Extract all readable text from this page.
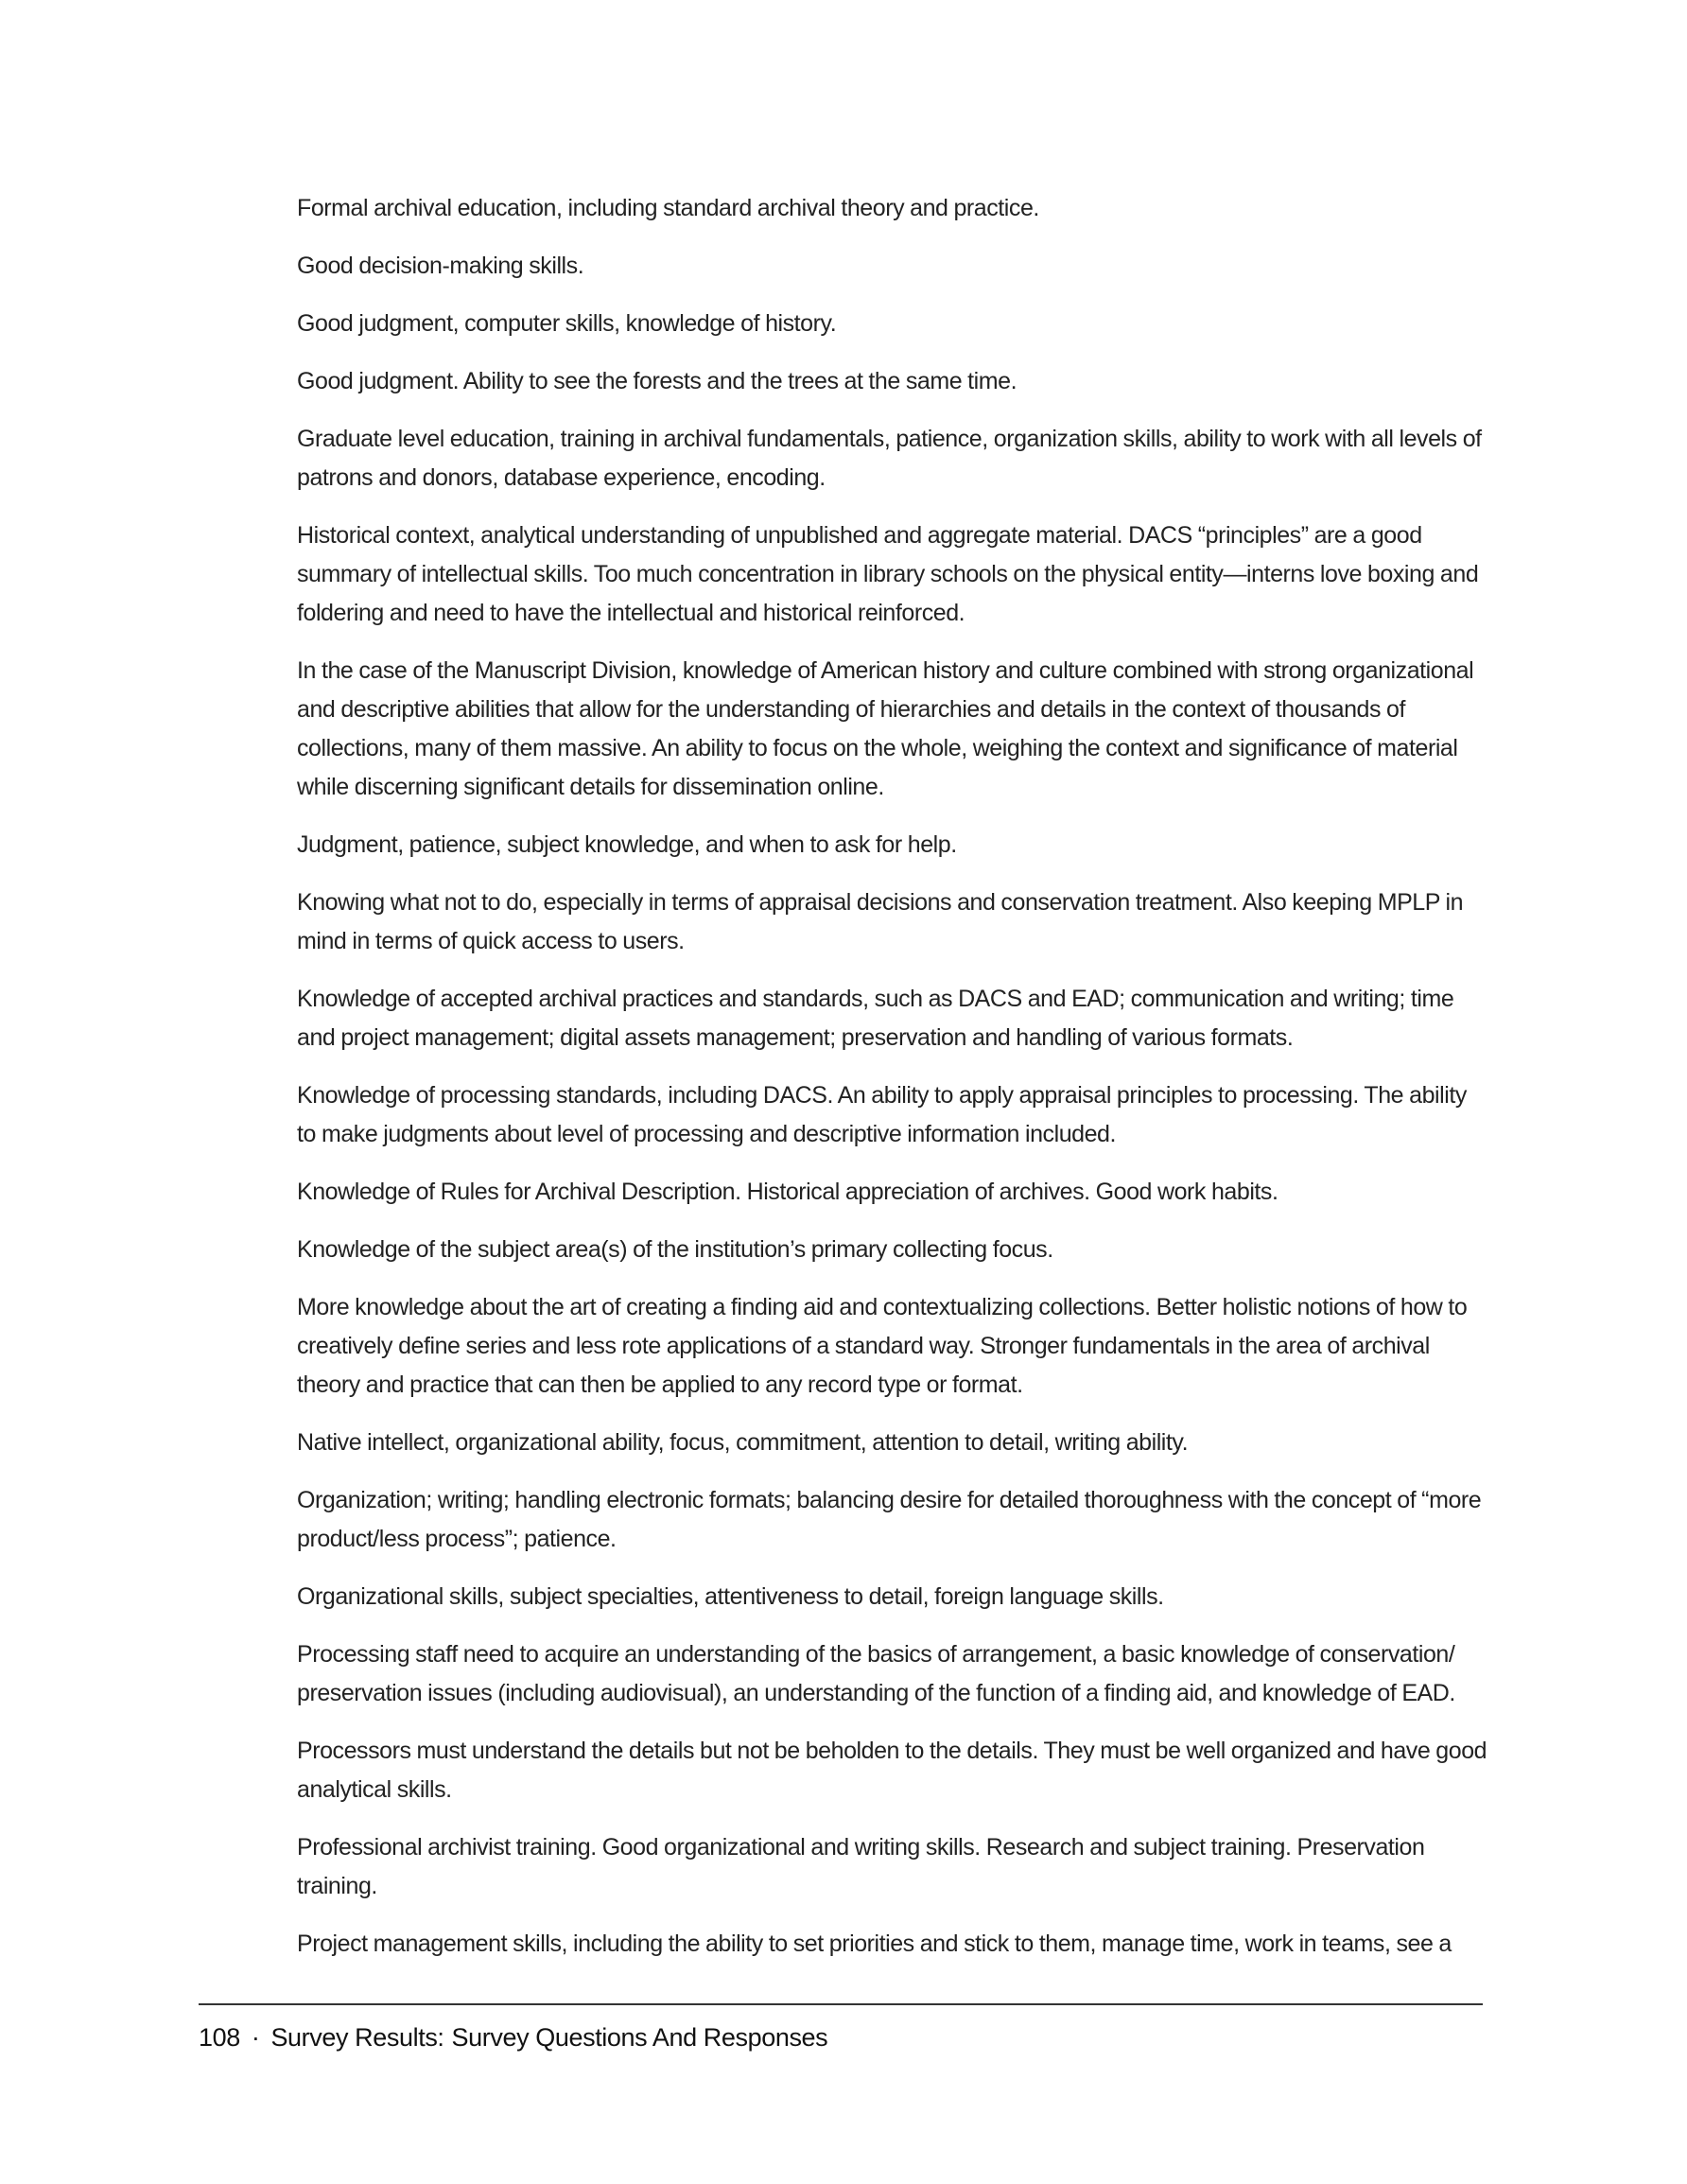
Formal archival education, including standard archival theory and practice.

Good decision-making skills.

Good judgment, computer skills, knowledge of history.

Good judgment. Ability to see the forests and the trees at the same time.

Graduate level education, training in archival fundamentals, patience, organization skills, ability to work with all levels of patrons and donors, database experience, encoding.

Historical context, analytical understanding of unpublished and aggregate material. DACS “principles” are a good summary of intellectual skills. Too much concentration in library schools on the physical entity—interns love boxing and foldering and need to have the intellectual and historical reinforced.

In the case of the Manuscript Division, knowledge of American history and culture combined with strong organizational and descriptive abilities that allow for the understanding of hierarchies and details in the context of thousands of collections, many of them massive. An ability to focus on the whole, weighing the context and significance of material while discerning significant details for dissemination online.

Judgment, patience, subject knowledge, and when to ask for help.

Knowing what not to do, especially in terms of appraisal decisions and conservation treatment. Also keeping MPLP in mind in terms of quick access to users.

Knowledge of accepted archival practices and standards, such as DACS and EAD; communication and writing; time and project management; digital assets management; preservation and handling of various formats.

Knowledge of processing standards, including DACS. An ability to apply appraisal principles to processing. The ability to make judgments about level of processing and descriptive information included.

Knowledge of Rules for Archival Description. Historical appreciation of archives. Good work habits.

Knowledge of the subject area(s) of the institution’s primary collecting focus.

More knowledge about the art of creating a finding aid and contextualizing collections. Better holistic notions of how to creatively define series and less rote applications of a standard way. Stronger fundamentals in the area of archival theory and practice that can then be applied to any record type or format.

Native intellect, organizational ability, focus, commitment, attention to detail, writing ability.

Organization; writing; handling electronic formats; balancing desire for detailed thoroughness with the concept of “more product/less process”; patience.

Organizational skills, subject specialties, attentiveness to detail, foreign language skills.

Processing staff need to acquire an understanding of the basics of arrangement, a basic knowledge of conservation/ preservation issues (including audiovisual), an understanding of the function of a finding aid, and knowledge of EAD.

Processors must understand the details but not be beholden to the details. They must be well organized and have good analytical skills.

Professional archivist training. Good organizational and writing skills. Research and subject training. Preservation training.

Project management skills, including the ability to set priorities and stick to them, manage time, work in teams, see a

108 · Survey Results: Survey Questions And Responses
